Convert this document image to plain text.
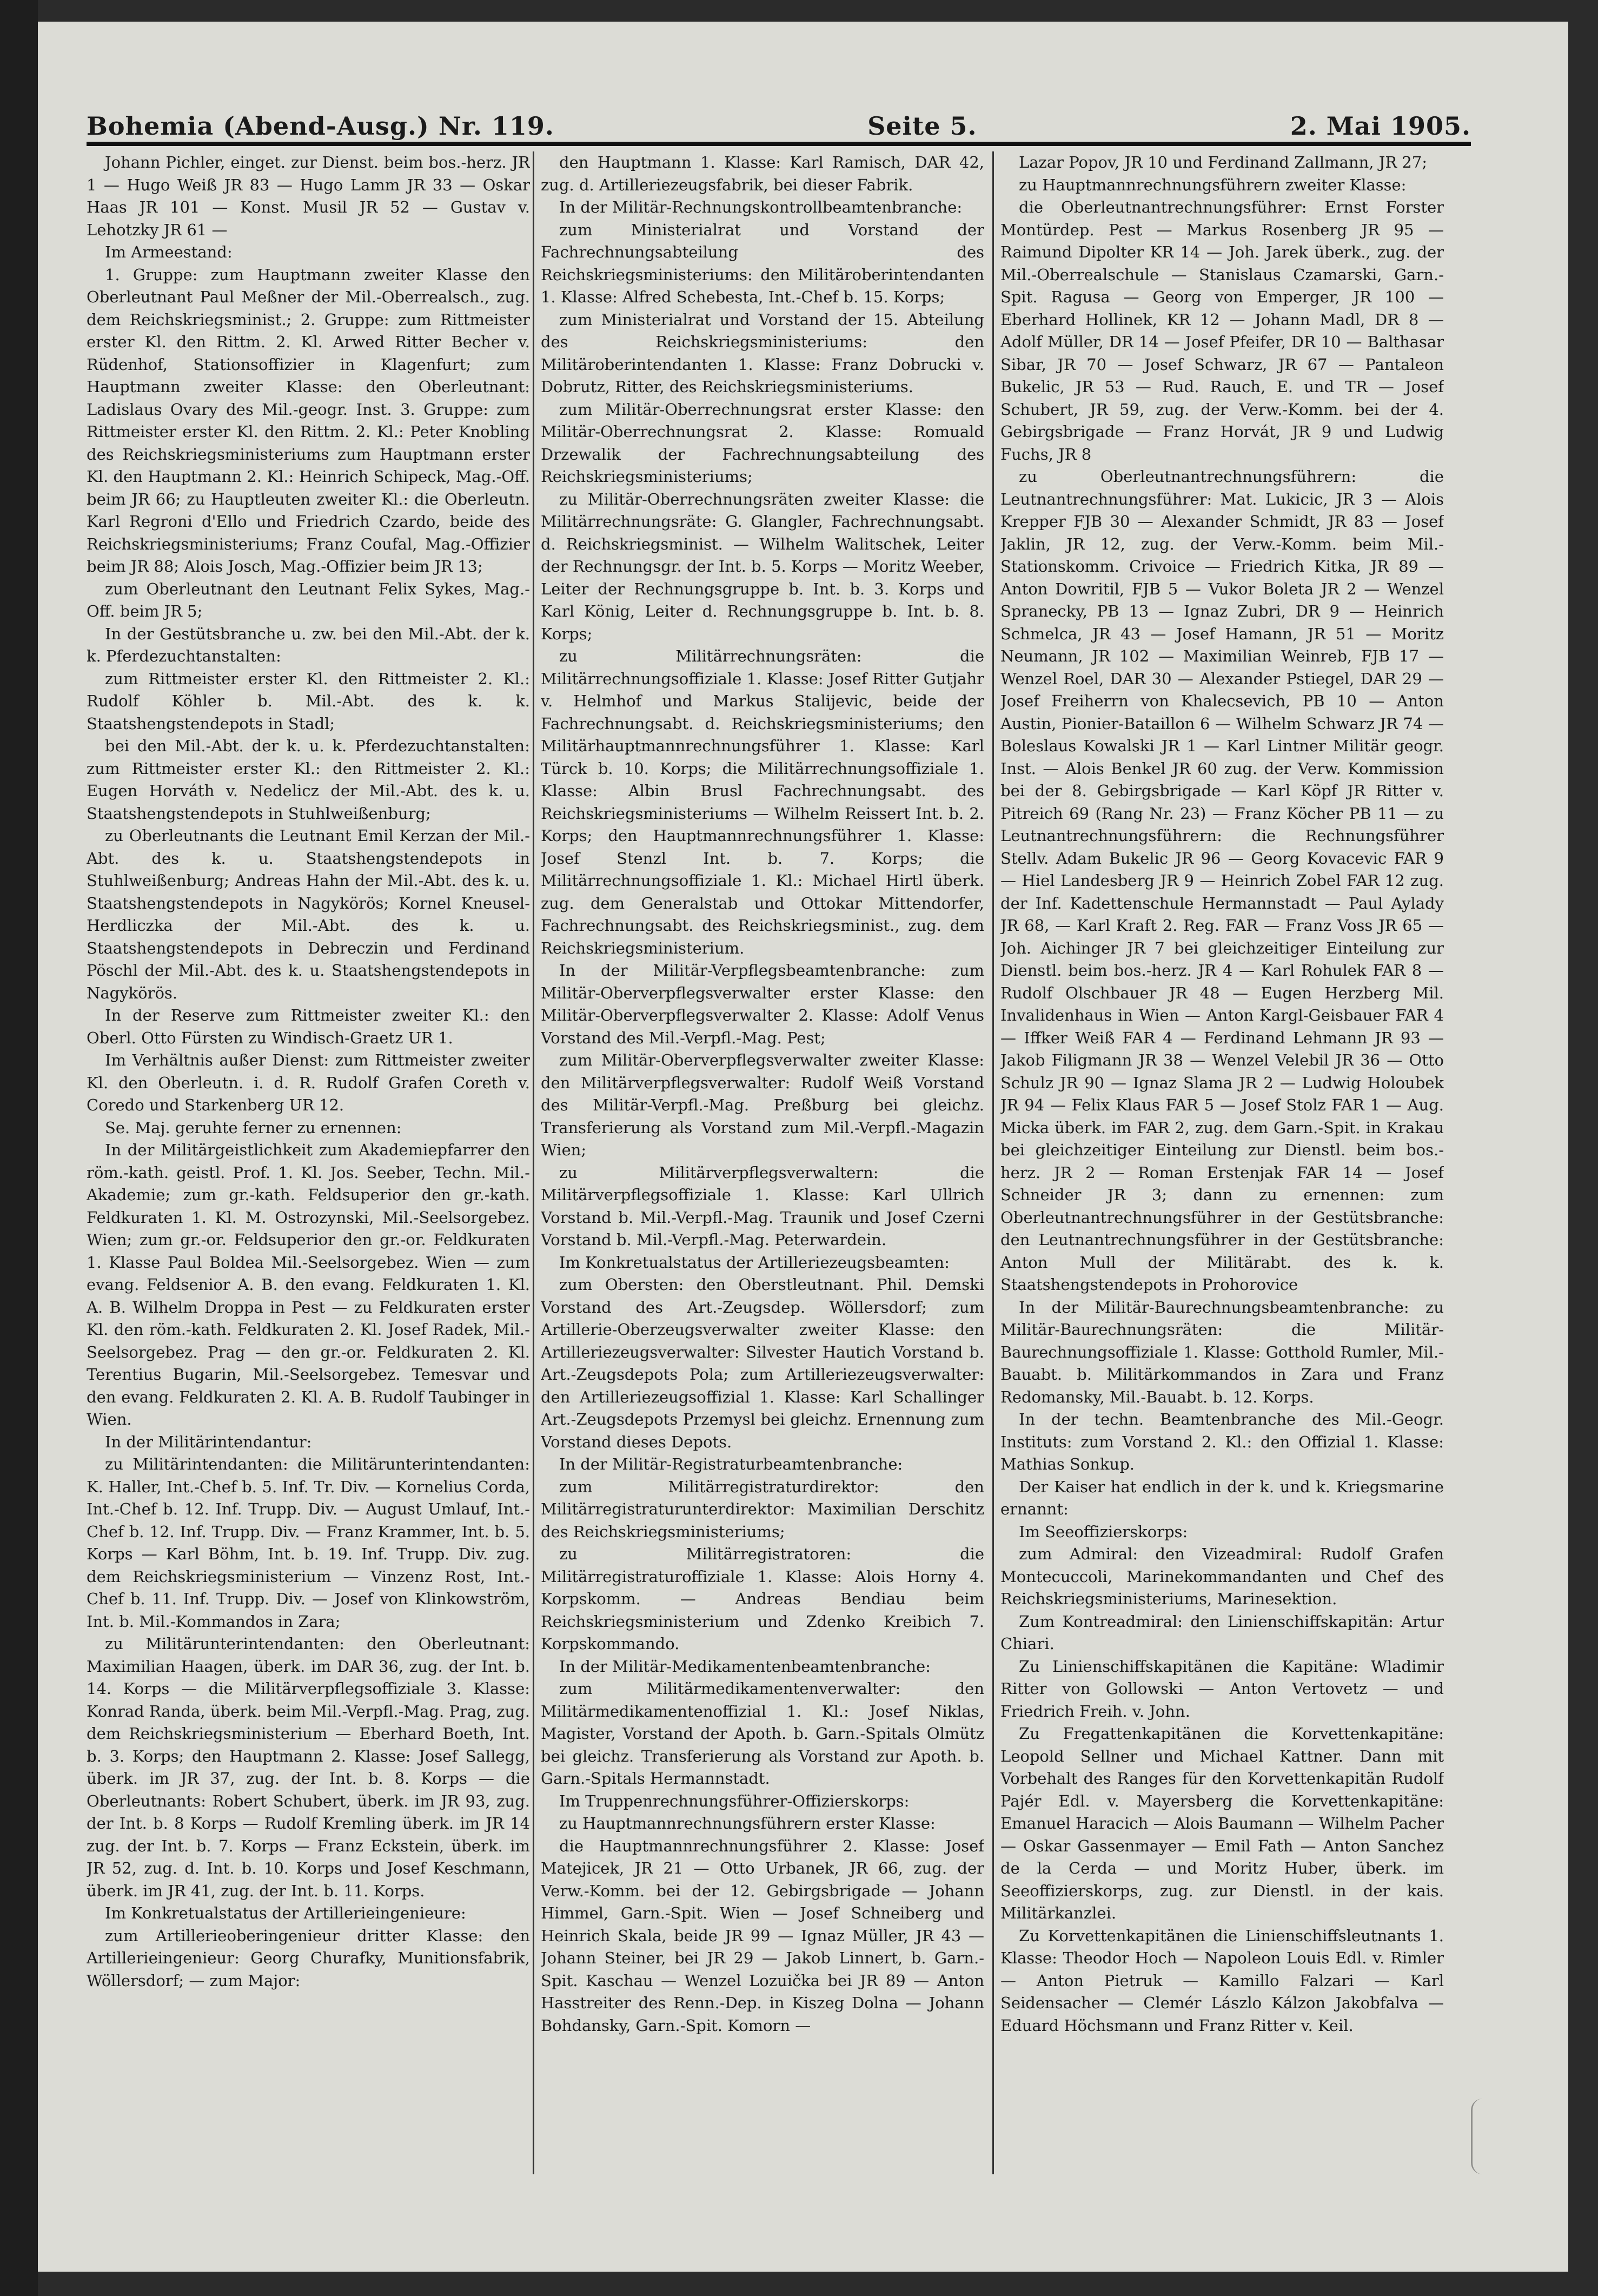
Bohemia (Abend-Ausg.) Nr. 119.	Seite 5.	2. Mai 1905.

Johann Pichler, einget. zur Dienst. beim bos.-herz. JR 1 — Hugo Weiß JR 83 — Hugo Lamm JR 33 — Oskar Haas JR 101 — Konst. Musil JR 52 — Gustav v. Lehotzky JR 61 —

Im Armeestand:

1. Gruppe: zum Hauptmann zweiter Klasse den Oberleutnant Paul Meßner der Mil.-Oberrealsch., zug. dem Reichskriegsminist.; 2. Gruppe: zum Rittmeister erster Kl. den Rittm. 2. Kl. Arwed Ritter Becher v. Rüdenhof, Stationsoffizier in Klagenfurt; zum Hauptmann zweiter Klasse: den Oberleutnant: Ladislaus Ovary des Mil.-geogr. Inst. 3. Gruppe: zum Rittmeister erster Kl. den Rittm. 2. Kl.: Peter Knobling des Reichskriegsministeriums zum Hauptmann erster Kl. den Hauptmann 2. Kl.: Heinrich Schipeck, Mag.-Off. beim JR 66; zu Hauptleuten zweiter Kl.: die Oberleutn. Karl Regroni d'Ello und Friedrich Czardo, beide des Reichskriegsministeriums; Franz Coufal, Mag.-Offizier beim JR 88; Alois Josch, Mag.-Offizier beim JR 13;

zum Oberleutnant den Leutnant Felix Sykes, Mag.-Off. beim JR 5;

In der Gestütsbranche u. zw. bei den Mil.-Abt. der k. k. Pferdezuchtanstalten:

zum Rittmeister erster Kl. den Rittmeister 2. Kl.: Rudolf Köhler b. Mil.-Abt. des k. k. Staatshengstendepots in Stadl;

bei den Mil.-Abt. der k. u. k. Pferdezuchtanstalten: zum Rittmeister erster Kl.: den Rittmeister 2. Kl.: Eugen Horváth v. Nedelicz der Mil.-Abt. des k. u. Staatshengstendepots in Stuhlweißenburg;

zu Oberleutnants die Leutnant Emil Kerzan der Mil.-Abt. des k. u. Staatshengstendepots in Stuhlweißenburg; Andreas Hahn der Mil.-Abt. des k. u. Staatshengstendepots in Nagykörös; Kornel Kneusel-Herdliczka der Mil.-Abt. des k. u. Staatshengstendepots in Debreczin und Ferdinand Pöschl der Mil.-Abt. des k. u. Staatshengstendepots in Nagykörös.

In der Reserve zum Rittmeister zweiter Kl.: den Oberl. Otto Fürsten zu Windisch-Graetz UR 1.

Im Verhältnis außer Dienst: zum Rittmeister zweiter Kl. den Oberleutn. i. d. R. Rudolf Grafen Coreth v. Coredo und Starkenberg UR 12.

Se. Maj. geruhte ferner zu ernennen:

In der Militärgeistlichkeit zum Akademiepfarrer den röm.-kath. geistl. Prof. 1. Kl. Jos. Seeber, Techn. Mil.-Akademie; zum gr.-kath. Feldsuperior den gr.-kath. Feldkuraten 1. Kl. M. Ostrozynski, Mil.-Seelsorgebez. Wien; zum gr.-or. Feldsuperior den gr.-or. Feldkuraten 1. Klasse Paul Boldea Mil.-Seelsorgebez. Wien — zum evang. Feldsenior A. B. den evang. Feldkuraten 1. Kl. A. B. Wilhelm Droppa in Pest — zu Feldkuraten erster Kl. den röm.-kath. Feldkuraten 2. Kl. Josef Radek, Mil.-Seelsorgebez. Prag — den gr.-or. Feldkuraten 2. Kl. Terentius Bugarin, Mil.-Seelsorgebez. Temesvar und den evang. Feldkuraten 2. Kl. A. B. Rudolf Taubinger in Wien.

In der Militärintendantur:

zu Militärintendanten: die Militärunterintendanten: K. Haller, Int.-Chef b. 5. Inf. Tr. Div. — Kornelius Corda, Int.-Chef b. 12. Inf. Trupp. Div. — August Umlauf, Int.-Chef b. 12. Inf. Trupp. Div. — Franz Krammer, Int. b. 5. Korps — Karl Böhm, Int. b. 19. Inf. Trupp. Div. zug. dem Reichskriegsministerium — Vinzenz Rost, Int.-Chef b. 11. Inf. Trupp. Div. — Josef von Klinkowström, Int. b. Mil.-Kommandos in Zara;

zu Militärunterintendanten: den Oberleutnant: Maximilian Haagen, überk. im DAR 36, zug. der Int. b. 14. Korps — die Militärverpflegsoffiziale 3. Klasse: Konrad Randa, überk. beim Mil.-Verpfl.-Mag. Prag, zug. dem Reichskriegsministerium — Eberhard Boeth, Int. b. 3. Korps; den Hauptmann 2. Klasse: Josef Sallegg, überk. im JR 37, zug. der Int. b. 8. Korps — die Oberleutnants: Robert Schubert, überk. im JR 93, zug. der Int. b. 8 Korps — Rudolf Kremling überk. im JR 14 zug. der Int. b. 7. Korps — Franz Eckstein, überk. im JR 52, zug. d. Int. b. 10. Korps und Josef Keschmann, überk. im JR 41, zug. der Int. b. 11. Korps.

Im Konkretualstatus der Artillerieingenieure:

zum Artillerieoberingenieur dritter Klasse: den Artillerieingenieur: Georg Churafky, Munitionsfabrik, Wöllersdorf; — zum Major:

den Hauptmann 1. Klasse: Karl Ramisch, DAR 42, zug. d. Artilleriezeugsfabrik, bei dieser Fabrik.

In der Militär-Rechnungskontrollbeamtenbranche:

zum Ministerialrat und Vorstand der Fachrechnungsabteilung des Reichskriegsministeriums: den Militäroberintendanten 1. Klasse: Alfred Schebesta, Int.-Chef b. 15. Korps;

zum Ministerialrat und Vorstand der 15. Abteilung des Reichskriegsministeriums: den Militäroberintendanten 1. Klasse: Franz Dobrucki v. Dobrutz, Ritter, des Reichskriegsministeriums.

zum Militär-Oberrechnungsrat erster Klasse: den Militär-Oberrechnungsrat 2. Klasse: Romuald Drzewalik der Fachrechnungsabteilung des Reichskriegsministeriums;

zu Militär-Oberrechnungsräten zweiter Klasse: die Militärrechnungsräte: G. Glangler, Fachrechnungsabt. d. Reichskriegsminist. — Wilhelm Walitschek, Leiter der Rechnungsgr. der Int. b. 5. Korps — Moritz Weeber, Leiter der Rechnungsgruppe b. Int. b. 3. Korps und Karl König, Leiter d. Rechnungsgruppe b. Int. b. 8. Korps;

zu Militärrechnungsräten: die Militärrechnungsoffiziale 1. Klasse: Josef Ritter Gutjahr v. Helmhof und Markus Stalijevic, beide der Fachrechnungsabt. d. Reichskriegsministeriums; den Militärhauptmannrechnungsführer 1. Klasse: Karl Türck b. 10. Korps; die Militärrechnungsoffiziale 1. Klasse: Albin Brusl Fachrechnungsabt. des Reichskriegsministeriums — Wilhelm Reissert Int. b. 2. Korps; den Hauptmannrechnungsführer 1. Klasse: Josef Stenzl Int. b. 7. Korps; die Militärrechnungsoffiziale 1. Kl.: Michael Hirtl überk. zug. dem Generalstab und Ottokar Mittendorfer, Fachrechnungsabt. des Reichskriegsminist., zug. dem Reichskriegsministerium.

In der Militär-Verpflegsbeamtenbranche: zum Militär-Oberverpflegsverwalter erster Klasse: den Militär-Oberverpflegsverwalter 2. Klasse: Adolf Venus Vorstand des Mil.-Verpfl.-Mag. Pest;

zum Militär-Oberverpflegsverwalter zweiter Klasse: den Militärverpflegsverwalter: Rudolf Weiß Vorstand des Militär-Verpfl.-Mag. Preßburg bei gleichz. Transferierung als Vorstand zum Mil.-Verpfl.-Magazin Wien;

zu Militärverpflegsverwaltern: die Militärverpflegsoffiziale 1. Klasse: Karl Ullrich Vorstand b. Mil.-Verpfl.-Mag. Traunik und Josef Czerni Vorstand b. Mil.-Verpfl.-Mag. Peterwardein.

Im Konkretualstatus der Artilleriezeugsbeamten:

zum Obersten: den Oberstleutnant. Phil. Demski Vorstand des Art.-Zeugsdep. Wöllersdorf; zum Artillerie-Oberzeugsverwalter zweiter Klasse: den Artilleriezeugsverwalter: Silvester Hautich Vorstand b. Art.-Zeugsdepots Pola; zum Artilleriezeugsverwalter: den Artilleriezeugsoffizial 1. Klasse: Karl Schallinger Art.-Zeugsdepots Przemysl bei gleichz. Ernennung zum Vorstand dieses Depots.

In der Militär-Registraturbeamtenbranche:

zum Militärregistraturdirektor: den Militärregistraturunterdirektor: Maximilian Derschitz des Reichskriegsministeriums;

zu Militärregistratoren: die Militärregistraturoffiziale 1. Klasse: Alois Horny 4. Korpskomm. — Andreas Bendiau beim Reichskriegsministerium und Zdenko Kreibich 7. Korpskommando.

In der Militär-Medikamentenbeamtenbranche:

zum Militärmedikamentenverwalter: den Militärmedikamentenoffizial 1. Kl.: Josef Niklas, Magister, Vorstand der Apoth. b. Garn.-Spitals Olmütz bei gleichz. Transferierung als Vorstand zur Apoth. b. Garn.-Spitals Hermannstadt.

Im Truppenrechnungsführer-Offizierskorps:

zu Hauptmannrechnungsführern erster Klasse:

die Hauptmannrechnungsführer 2. Klasse: Josef Matejicek, JR 21 — Otto Urbanek, JR 66, zug. der Verw.-Komm. bei der 12. Gebirgsbrigade — Johann Himmel, Garn.-Spit. Wien — Josef Schneiberg und Heinrich Skala, beide JR 99 — Ignaz Müller, JR 43 — Johann Steiner, bei JR 29 — Jakob Linnert, b. Garn.-Spit. Kaschau — Wenzel Lozuička bei JR 89 — Anton Hasstreiter des Renn.-Dep. in Kiszeg Dolna — Johann Bohdansky, Garn.-Spit. Komorn —

Lazar Popov, JR 10 und Ferdinand Zallmann, JR 27;

zu Hauptmannrechnungsführern zweiter Klasse:

die Oberleutnantrechnungsführer: Ernst Forster Montürdep. Pest — Markus Rosenberg JR 95 — Raimund Dipolter KR 14 — Joh. Jarek überk., zug. der Mil.-Oberrealschule — Stanislaus Czamarski, Garn.-Spit. Ragusa — Georg von Emperger, JR 100 — Eberhard Hollinek, KR 12 — Johann Madl, DR 8 — Adolf Müller, DR 14 — Josef Pfeifer, DR 10 — Balthasar Sibar, JR 70 — Josef Schwarz, JR 67 — Pantaleon Bukelic, JR 53 — Rud. Rauch, E. und TR — Josef Schubert, JR 59, zug. der Verw.-Komm. bei der 4. Gebirgsbrigade — Franz Horvát, JR 9 und Ludwig Fuchs, JR 8

zu Oberleutnantrechnungsführern: die Leutnantrechnungsführer: Mat. Lukicic, JR 3 — Alois Krepper FJB 30 — Alexander Schmidt, JR 83 — Josef Jaklin, JR 12, zug. der Verw.-Komm. beim Mil.-Stationskomm. Crivoice — Friedrich Kitka, JR 89 — Anton Dowritil, FJB 5 — Vukor Boleta JR 2 — Wenzel Spranecky, PB 13 — Ignaz Zubri, DR 9 — Heinrich Schmelca, JR 43 — Josef Hamann, JR 51 — Moritz Neumann, JR 102 — Maximilian Weinreb, FJB 17 — Wenzel Roel, DAR 30 — Alexander Pstiegel, DAR 29 — Josef Freiherrn von Khalecsevich, PB 10 — Anton Austin, Pionier-Bataillon 6 — Wilhelm Schwarz JR 74 — Boleslaus Kowalski JR 1 — Karl Lintner Militär geogr. Inst. — Alois Benkel JR 60 zug. der Verw. Kommission bei der 8. Gebirgsbrigade — Karl Köpf JR Ritter v. Pitreich 69 (Rang Nr. 23) — Franz Köcher PB 11 — zu Leutnantrechnungsführern: die Rechnungsführer Stellv. Adam Bukelic JR 96 — Georg Kovacevic FAR 9 — Hiel Landesberg JR 9 — Heinrich Zobel FAR 12 zug. der Inf. Kadettenschule Hermannstadt — Paul Aylady JR 68, — Karl Kraft 2. Reg. FAR — Franz Voss JR 65 — Joh. Aichinger JR 7 bei gleichzeitiger Einteilung zur Dienstl. beim bos.-herz. JR 4 — Karl Rohulek FAR 8 — Rudolf Olschbauer JR 48 — Eugen Herzberg Mil. Invalidenhaus in Wien — Anton Kargl-Geisbauer FAR 4 — Iffker Weiß FAR 4 — Ferdinand Lehmann JR 93 — Jakob Filigmann JR 38 — Wenzel Velebil JR 36 — Otto Schulz JR 90 — Ignaz Slama JR 2 — Ludwig Holoubek JR 94 — Felix Klaus FAR 5 — Josef Stolz FAR 1 — Aug. Micka überk. im FAR 2, zug. dem Garn.-Spit. in Krakau bei gleichzeitiger Einteilung zur Dienstl. beim bos.-herz. JR 2 — Roman Erstenjak FAR 14 — Josef Schneider JR 3; dann zu ernennen: zum Oberleutnantrechnungsführer in der Gestütsbranche: den Leutnantrechnungsführer in der Gestütsbranche: Anton Mull der Militärabt. des k. k. Staatshengstendepots in Prohorovice

In der Militär-Baurechnungsbeamtenbranche: zu Militär-Baurechnungsräten: die Militär-Baurechnungsoffiziale 1. Klasse: Gotthold Rumler, Mil.-Bauabt. b. Militärkommandos in Zara und Franz Redomansky, Mil.-Bauabt. b. 12. Korps.

In der techn. Beamtenbranche des Mil.-Geogr. Instituts: zum Vorstand 2. Kl.: den Offizial 1. Klasse: Mathias Sonkup.

Der Kaiser hat endlich in der k. und k. Kriegsmarine ernannt:

Im Seeoffizierskorps:

zum Admiral: den Vizeadmiral: Rudolf Grafen Montecuccoli, Marinekommandanten und Chef des Reichskriegsministeriums, Marinesektion.

Zum Kontreadmiral: den Linienschiffskapitän: Artur Chiari.

Zu Linienschiffskapitänen die Kapitäne: Wladimir Ritter von Gollowski — Anton Vertovetz — und Friedrich Freih. v. John.

Zu Fregattenkapitänen die Korvettenkapitäne: Leopold Sellner und Michael Kattner. Dann mit Vorbehalt des Ranges für den Korvettenkapitän Rudolf Pajér Edl. v. Mayersberg die Korvettenkapitäne: Emanuel Haracich — Alois Baumann — Wilhelm Pacher — Oskar Gassenmayer — Emil Fath — Anton Sanchez de la Cerda — und Moritz Huber, überk. im Seeoffizierskorps, zug. zur Dienstl. in der kais. Militärkanzlei.

Zu Korvettenkapitänen die Linienschiffsleutnants 1. Klasse: Theodor Hoch — Napoleon Louis Edl. v. Rimler — Anton Pietruk — Kamillo Falzari — Karl Seidensacher — Clemér Lászlo Kálzon Jakobfalva — Eduard Höchsmann und Franz Ritter v. Keil.
